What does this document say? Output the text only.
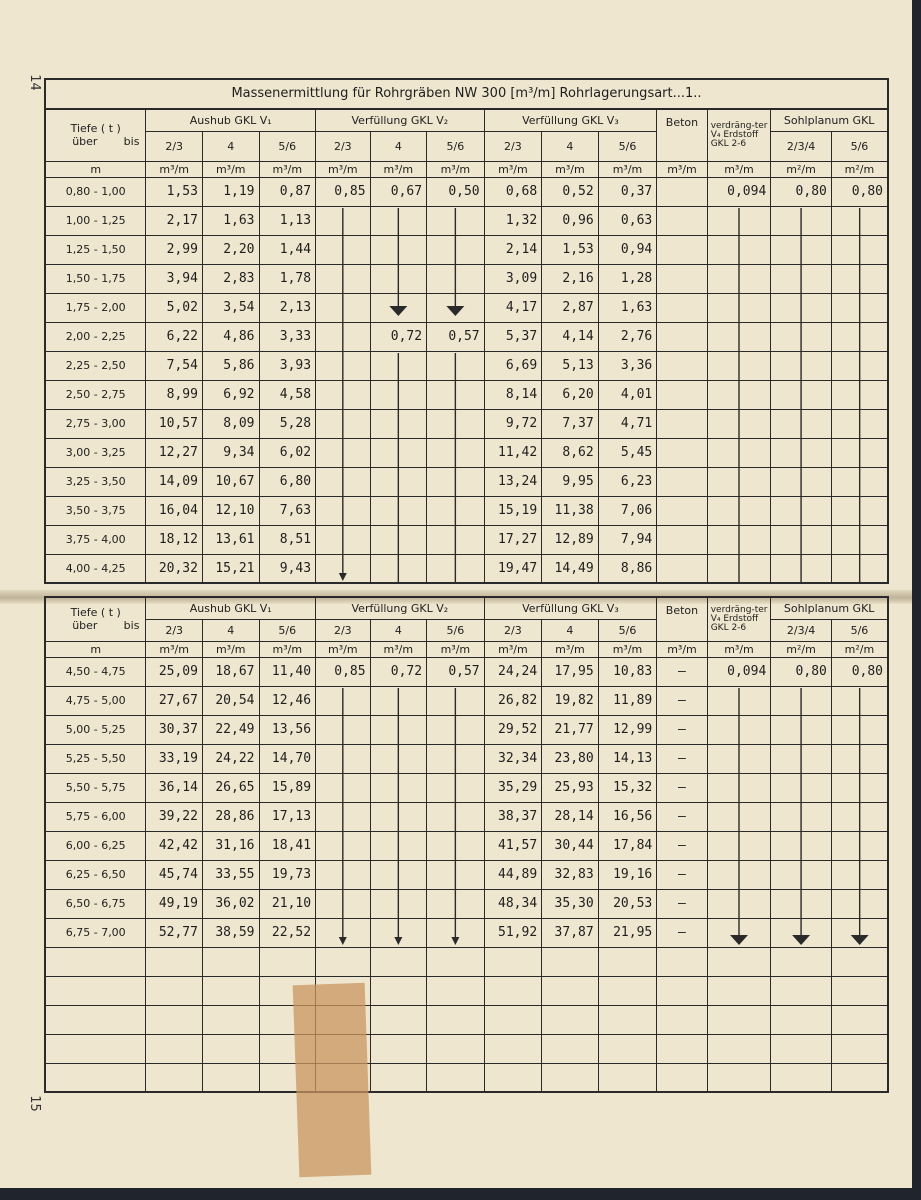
14
15
Massenermittlung für Rohrgräben NW 300 [m³/m] Rohrlagerungsart...1..
Tiefe ( t )
über bis	Aushub GKL V₁			Verfüllung GKL V₂			Verfüllung GKL V₃			Beton	verdräng-ter V₄ Erdstoff GKL 2-6	Sohlplanum GKL	
	2/3	4	5/6	2/3	4	5/6	2/3	4	5/6			2/3/4	5/6
m	m³/m	m³/m	m³/m	m³/m	m³/m	m³/m	m³/m	m³/m	m³/m	m³/m	m³/m	m²/m	m²/m
0,80 - 1,00	1,53	1,19	0,87	0,85	0,67	0,50	0,68	0,52	0,37		0,094	0,80	0,80
1,00 - 1,25	2,17	1,63	1,13				1,32	0,96	0,63				
1,25 - 1,50	2,99	2,20	1,44				2,14	1,53	0,94				
1,50 - 1,75	3,94	2,83	1,78				3,09	2,16	1,28				
1,75 - 2,00	5,02	3,54	2,13				4,17	2,87	1,63				
2,00 - 2,25	6,22	4,86	3,33		0,72	0,57	5,37	4,14	2,76				
2,25 - 2,50	7,54	5,86	3,93				6,69	5,13	3,36				
2,50 - 2,75	8,99	6,92	4,58				8,14	6,20	4,01				
2,75 - 3,00	10,57	8,09	5,28				9,72	7,37	4,71				
3,00 - 3,25	12,27	9,34	6,02				11,42	8,62	5,45				
3,25 - 3,50	14,09	10,67	6,80				13,24	9,95	6,23				
3,50 - 3,75	16,04	12,10	7,63				15,19	11,38	7,06				
3,75 - 4,00	18,12	13,61	8,51				17,27	12,89	7,94				
4,00 - 4,25	20,32	15,21	9,43				19,47	14,49	8,86				
Tiefe ( t )
über bis	Aushub GKL V₁			Verfüllung GKL V₂			Verfüllung GKL V₃			Beton	verdräng-ter V₄ Erdstoff GKL 2-6	Sohlplanum GKL	
	2/3	4	5/6	2/3	4	5/6	2/3	4	5/6			2/3/4	5/6
m	m³/m	m³/m	m³/m	m³/m	m³/m	m³/m	m³/m	m³/m	m³/m	m³/m	m³/m	m²/m	m²/m
4,50 - 4,75	25,09	18,67	11,40	0,85	0,72	0,57	24,24	17,95	10,83	–	0,094	0,80	0,80
4,75 - 5,00	27,67	20,54	12,46				26,82	19,82	11,89	–			
5,00 - 5,25	30,37	22,49	13,56				29,52	21,77	12,99	–			
5,25 - 5,50	33,19	24,22	14,70				32,34	23,80	14,13	–			
5,50 - 5,75	36,14	26,65	15,89				35,29	25,93	15,32	–			
5,75 - 6,00	39,22	28,86	17,13				38,37	28,14	16,56	–			
6,00 - 6,25	42,42	31,16	18,41				41,57	30,44	17,84	–			
6,25 - 6,50	45,74	33,55	19,73				44,89	32,83	19,16	–			
6,50 - 6,75	49,19	36,02	21,10				48,34	35,30	20,53	–			
6,75 - 7,00	52,77	38,59	22,52				51,92	37,87	21,95	–			
